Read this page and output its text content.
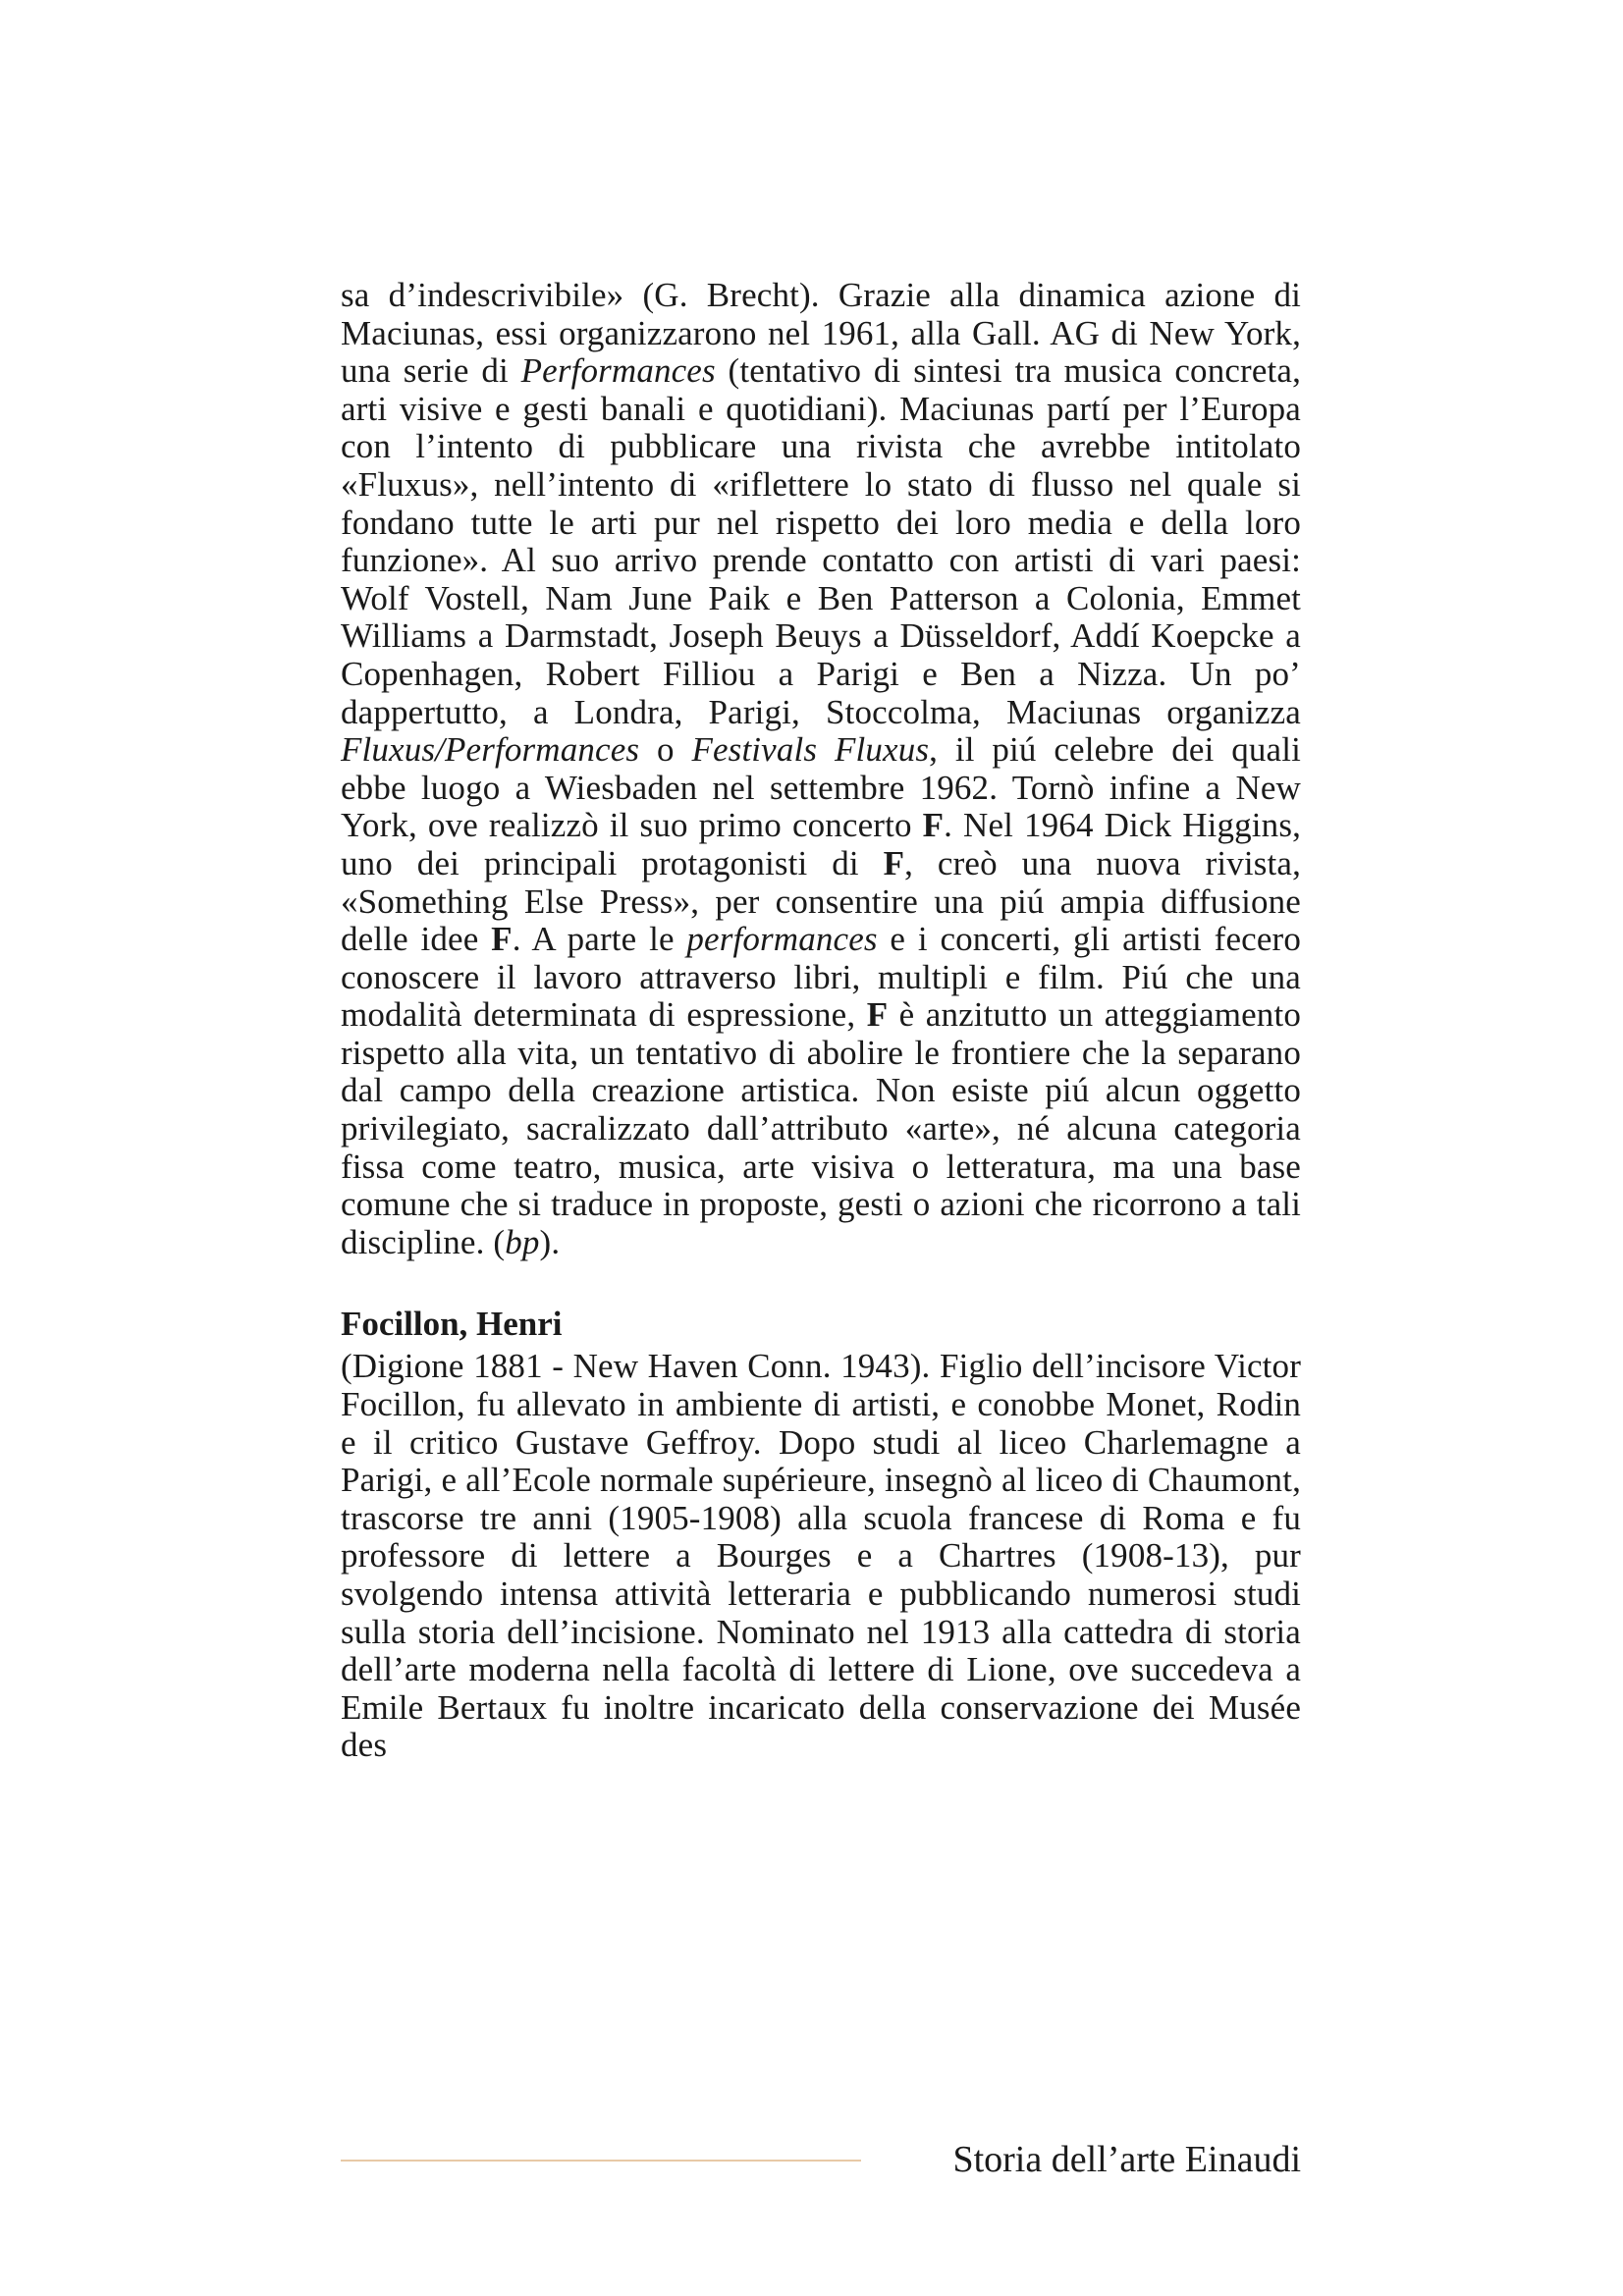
sa d’indescrivibile» (G. Brecht). Grazie alla dinamica azione di Maciunas, essi organizzarono nel 1961, alla Gall. AG di New York, una serie di Performances (tentativo di sintesi tra musica concreta, arti visive e gesti banali e quotidiani). Maciunas partí per l’Europa con l’intento di pubblicare una rivista che avrebbe intitolato «Fluxus», nell’intento di «riflettere lo stato di flusso nel quale si fondano tutte le arti pur nel rispetto dei loro media e della loro funzione». Al suo arrivo prende contatto con artisti di vari paesi: Wolf Vostell, Nam June Paik e Ben Patterson a Colonia, Emmet Williams a Darmstadt, Joseph Beuys a Düsseldorf, Addí Koepcke a Copenhagen, Robert Filliou a Parigi e Ben a Nizza. Un po’ dappertutto, a Londra, Parigi, Stoccolma, Maciunas organizza Fluxus/Performances o Festivals Fluxus, il piú celebre dei quali ebbe luogo a Wiesbaden nel settembre 1962. Tornò infine a New York, ove realizzò il suo primo concerto F. Nel 1964 Dick Higgins, uno dei principali protagonisti di F, creò una nuova rivista, «Something Else Press», per consentire una piú ampia diffusione delle idee F. A parte le performances e i concerti, gli artisti fecero conoscere il lavoro attraverso libri, multipli e film. Piú che una modalità determinata di espressione, F è anzitutto un atteggiamento rispetto alla vita, un tentativo di abolire le frontiere che la separano dal campo della creazione artistica. Non esiste piú alcun oggetto privilegiato, sacralizzato dall’attributo «arte», né alcuna categoria fissa come teatro, musica, arte visiva o letteratura, ma una base comune che si traduce in proposte, gesti o azioni che ricorrono a tali discipline. (bp).

Focillon, Henri

(Digione 1881 - New Haven Conn. 1943). Figlio dell’incisore Victor Focillon, fu allevato in ambiente di artisti, e conobbe Monet, Rodin e il critico Gustave Geffroy. Dopo studi al liceo Charlemagne a Parigi, e all’Ecole normale supérieure, insegnò al liceo di Chaumont, trascorse tre anni (1905-1908) alla scuola francese di Roma e fu professore di lettere a Bourges e a Chartres (1908-13), pur svolgendo intensa attività letteraria e pubblicando numerosi studi sulla storia dell’incisione. Nominato nel 1913 alla cattedra di storia dell’arte moderna nella facoltà di lettere di Lione, ove succedeva a Emile Bertaux fu inoltre incaricato della conservazione dei Musée des

Storia dell’arte Einaudi
